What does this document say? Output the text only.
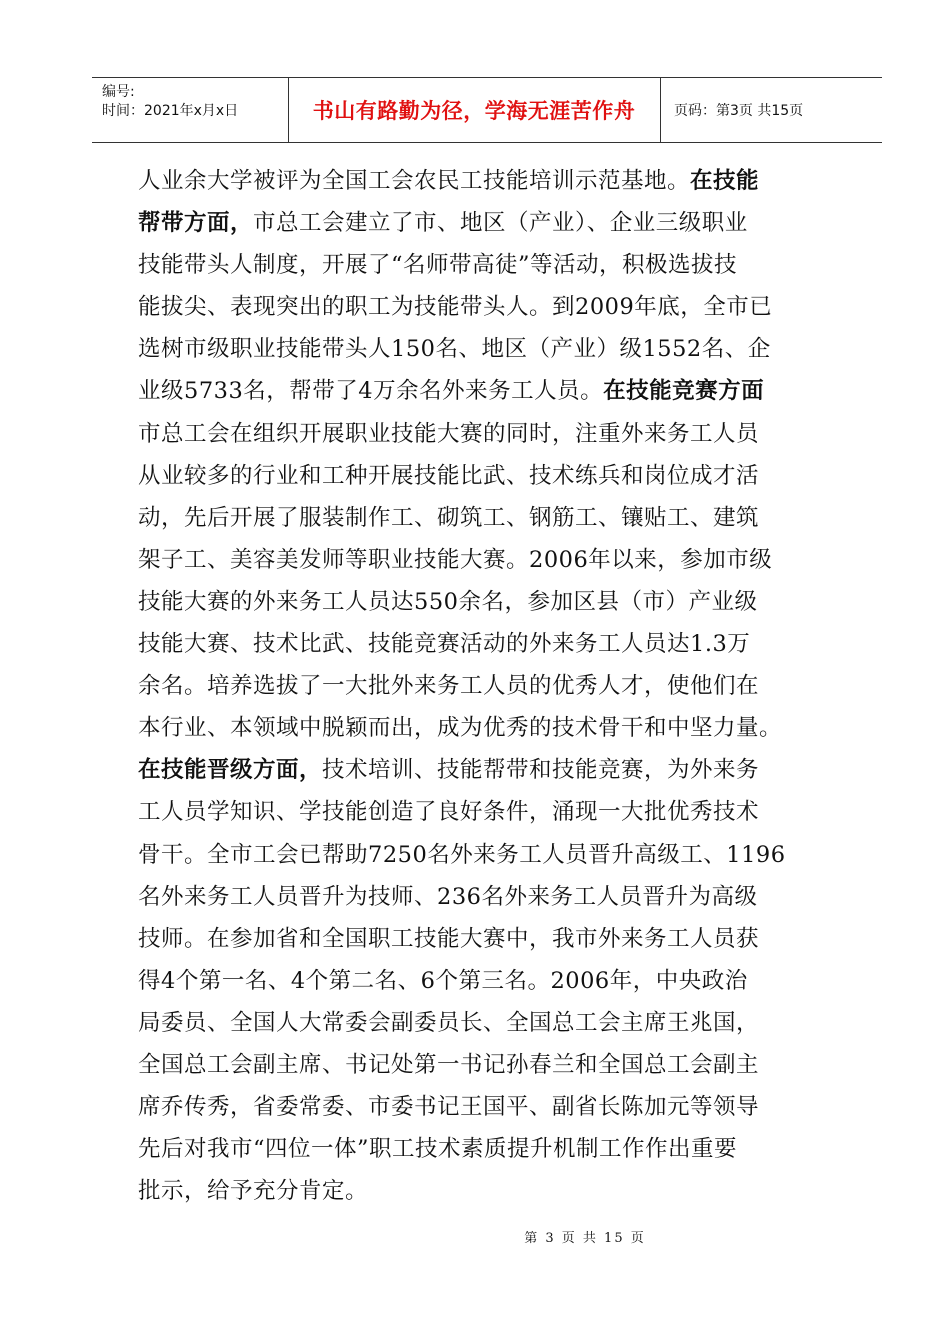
编号:
时间：2021年x月x日	书山有路勤为径，学海无涯苦作舟	页码：第3页 共15页
人业余大学被评为全国工会农民工技能培训示范基地。在技能
帮带方面，市总工会建立了市、地区（产业）、企业三级职业
技能带头人制度，开展了“名师带高徒”等活动，积极选拔技
能拔尖、表现突出的职工为技能带头人。到2009年底，全市已
选树市级职业技能带头人150名、地区（产业）级1552名、企
业级5733名，帮带了4万余名外来务工人员。在技能竞赛方面
市总工会在组织开展职业技能大赛的同时，注重外来务工人员
从业较多的行业和工种开展技能比武、技术练兵和岗位成才活
动，先后开展了服装制作工、砌筑工、钢筋工、镶贴工、建筑
架子工、美容美发师等职业技能大赛。2006年以来，参加市级
技能大赛的外来务工人员达550余名，参加区县（市）产业级
技能大赛、技术比武、技能竞赛活动的外来务工人员达1.3万
余名。培养选拔了一大批外来务工人员的优秀人才，使他们在
本行业、本领域中脱颖而出，成为优秀的技术骨干和中坚力量。
在技能晋级方面，技术培训、技能帮带和技能竞赛，为外来务
工人员学知识、学技能创造了良好条件，涌现一大批优秀技术
骨干。全市工会已帮助7250名外来务工人员晋升高级工、1196
名外来务工人员晋升为技师、236名外来务工人员晋升为高级
技师。在参加省和全国职工技能大赛中，我市外来务工人员获
得4个第一名、4个第二名、6个第三名。2006年，中央政治
局委员、全国人大常委会副委员长、全国总工会主席王兆国，
全国总工会副主席、书记处第一书记孙春兰和全国总工会副主
席乔传秀，省委常委、市委书记王国平、副省长陈加元等领导
先后对我市“四位一体”职工技术素质提升机制工作作出重要
批示，给予充分肯定。
第 3 页 共 15 页
